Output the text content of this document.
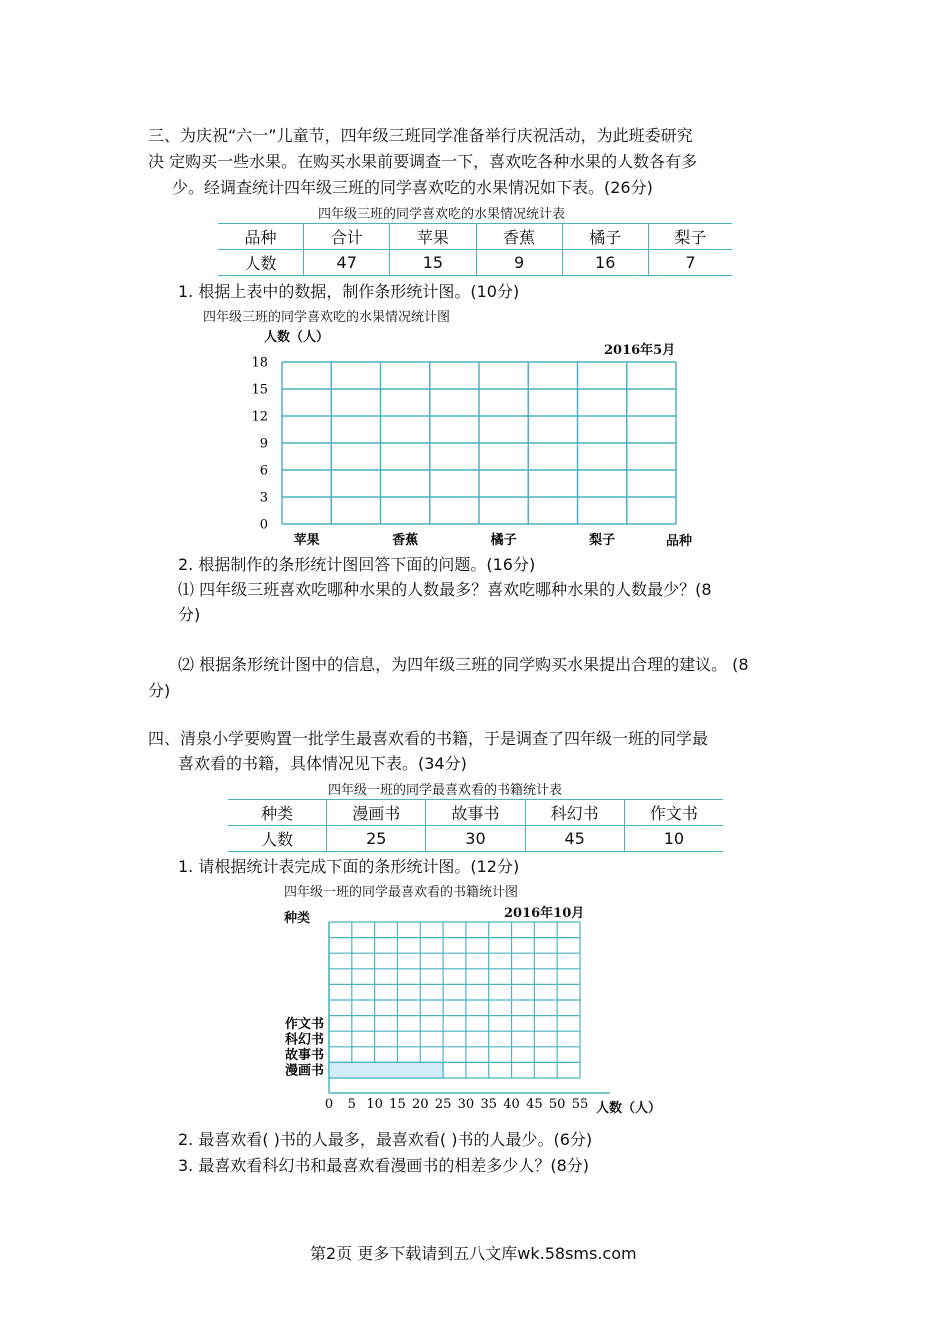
三、为庆祝“六一”儿童节，四年级三班同学准备举行庆祝活动，为此班委研究
决 定购买一些水果。在购买水果前要调查一下，喜欢吃各种水果的人数各有多
少。经调查统计四年级三班的同学喜欢吃的水果情况如下表。(26分)
四年级三班的同学喜欢吃的水果情况统计表
品种	合计	苹果	香蕉	橘子	梨子
人数	47	15	9	16	7
1. 根据上表中的数据，制作条形统计图。(10分)
四年级三班的同学喜欢吃的水果情况统计图
人数（人）
2016年5月
18
15
12
9
6
3
0
苹果	香蕉	橘子	梨子	品种
2. 根据制作的条形统计图回答下面的问题。(16分)
⑴ 四年级三班喜欢吃哪种水果的人数最多？喜欢吃哪种水果的人数最少？(8
分)
⑵ 根据条形统计图中的信息，为四年级三班的同学购买水果提出合理的建议。 (8
分)
四、清泉小学要购置一批学生最喜欢看的书籍，于是调查了四年级一班的同学最
喜欢看的书籍，具体情况见下表。(34分)
四年级一班的同学最喜欢看的书籍统计表
种类	漫画书	故事书	科幻书	作文书
人数	25	30	45	10
1. 请根据统计表完成下面的条形统计图。(12分)
四年级一班的同学最喜欢看的书籍统计图
种类	2016年10月
作文书
科幻书
故事书
漫画书
0 5 10 15 20 25 30 35 40 45 50 55 人数（人）
2. 最喜欢看( )书的人最多，最喜欢看( )书的人最少。(6分)
3. 最喜欢看科幻书和最喜欢看漫画书的相差多少人？(8分)
第2页 更多下载请到五八文库wk.58sms.com
